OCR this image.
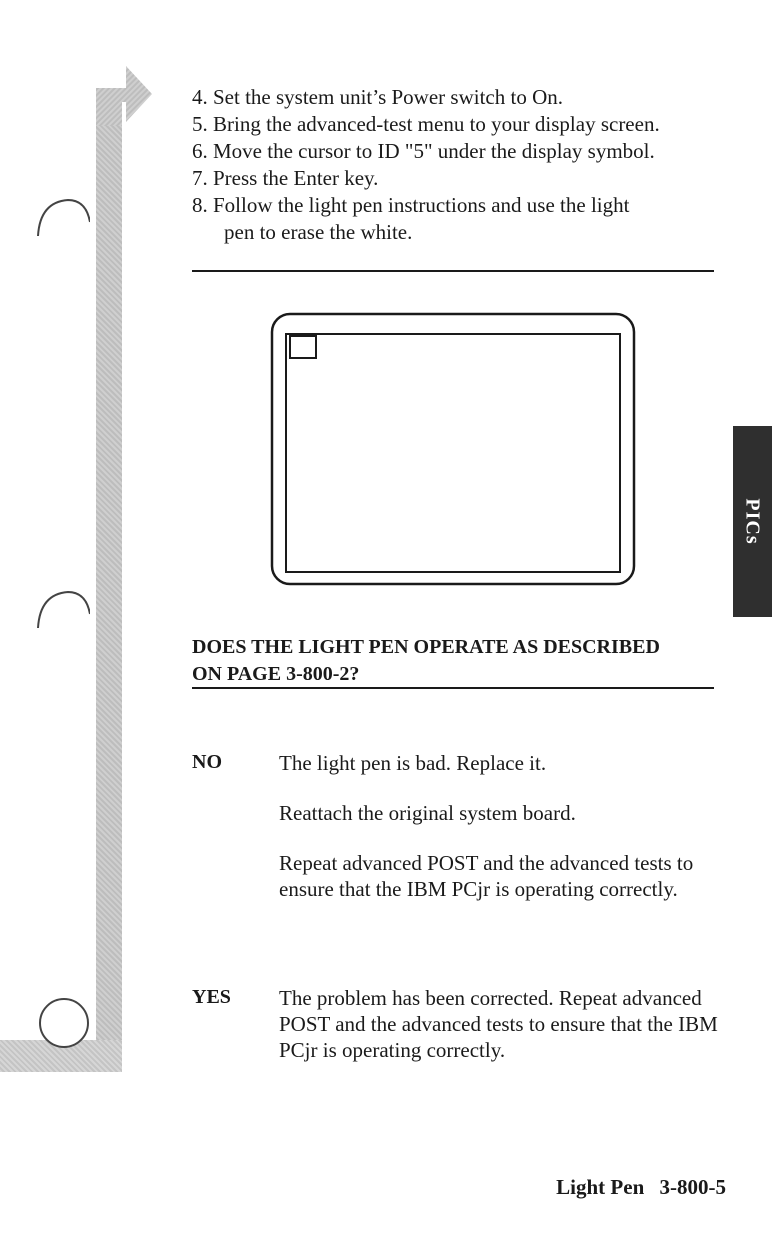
4. Set the system unit’s Power switch to On.
5. Bring the advanced-test menu to your display screen.
6. Move the cursor to ID "5" under the display symbol.
7. Press the Enter key.
8. Follow the light pen instructions and use the light
pen to erase the white.
DOES THE LIGHT PEN OPERATE AS DESCRIBED
ON PAGE 3-800-2?
NO	The light pen is bad. Replace it.

Reattach the original system board.

Repeat advanced POST and the advanced tests to ensure that the IBM PCjr is operating correctly.

YES The problem has been corrected. Repeat advanced POST and the advanced tests to ensure that the IBM PCjr is operating correctly.
PICs
Light Pen 3-800-5
